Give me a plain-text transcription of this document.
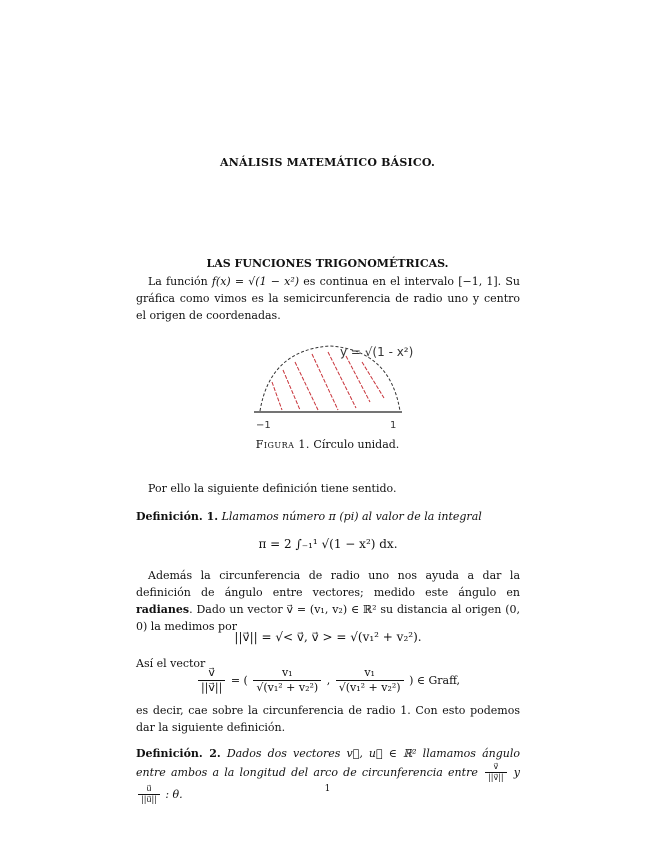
ANÁLISIS MATEMÁTICO BÁSICO.
LAS FUNCIONES TRIGONOMÉTRICAS.
La función f(x) = √(1 − x²) es continua en el intervalo [−1, 1]. Su gráfica como vimos es la semicircunferencia de radio uno y centro el origen de coordenadas.
y = √(1 - x²)
−1	1
Figura 1. Círculo unidad.
Por ello la siguiente definición tiene sentido.
Definición. 1. Llamamos número π (pi) al valor de la integral
π = 2 ∫₋₁¹ √(1 − x²) dx.
Además la circunferencia de radio uno nos ayuda a dar la definición de ángulo entre vectores; medido este ángulo en radianes. Dado un vector v⃗ = (v₁, v₂) ∈ ℝ² su distancia al origen (0, 0) la medimos por
||v⃗|| = √< v⃗, v⃗ > = √(v₁² + v₂²).
Así el vector
$\frac{v⃗}{||v⃗||}$ = ( $\frac{\text{v₁}}{\text{√(v₁² + v₂²)}}$ , $\frac{\text{v₁}}{\text{√(v₁² + v₂²)}}$ ) ∈ Graff,
es decir, cae sobre la circunferencia de radio 1. Con esto podemos dar la siguiente definición.
Definición. 2. Dados dos vectores v⃗, u⃗ ∈ ℝ² llamamos ángulo entre ambos a la longitud del arco de circunferencia entre $\frac{v⃗}{||v⃗||}$ y
$\frac{u⃗}{||u⃗||}$ : θ.	1
